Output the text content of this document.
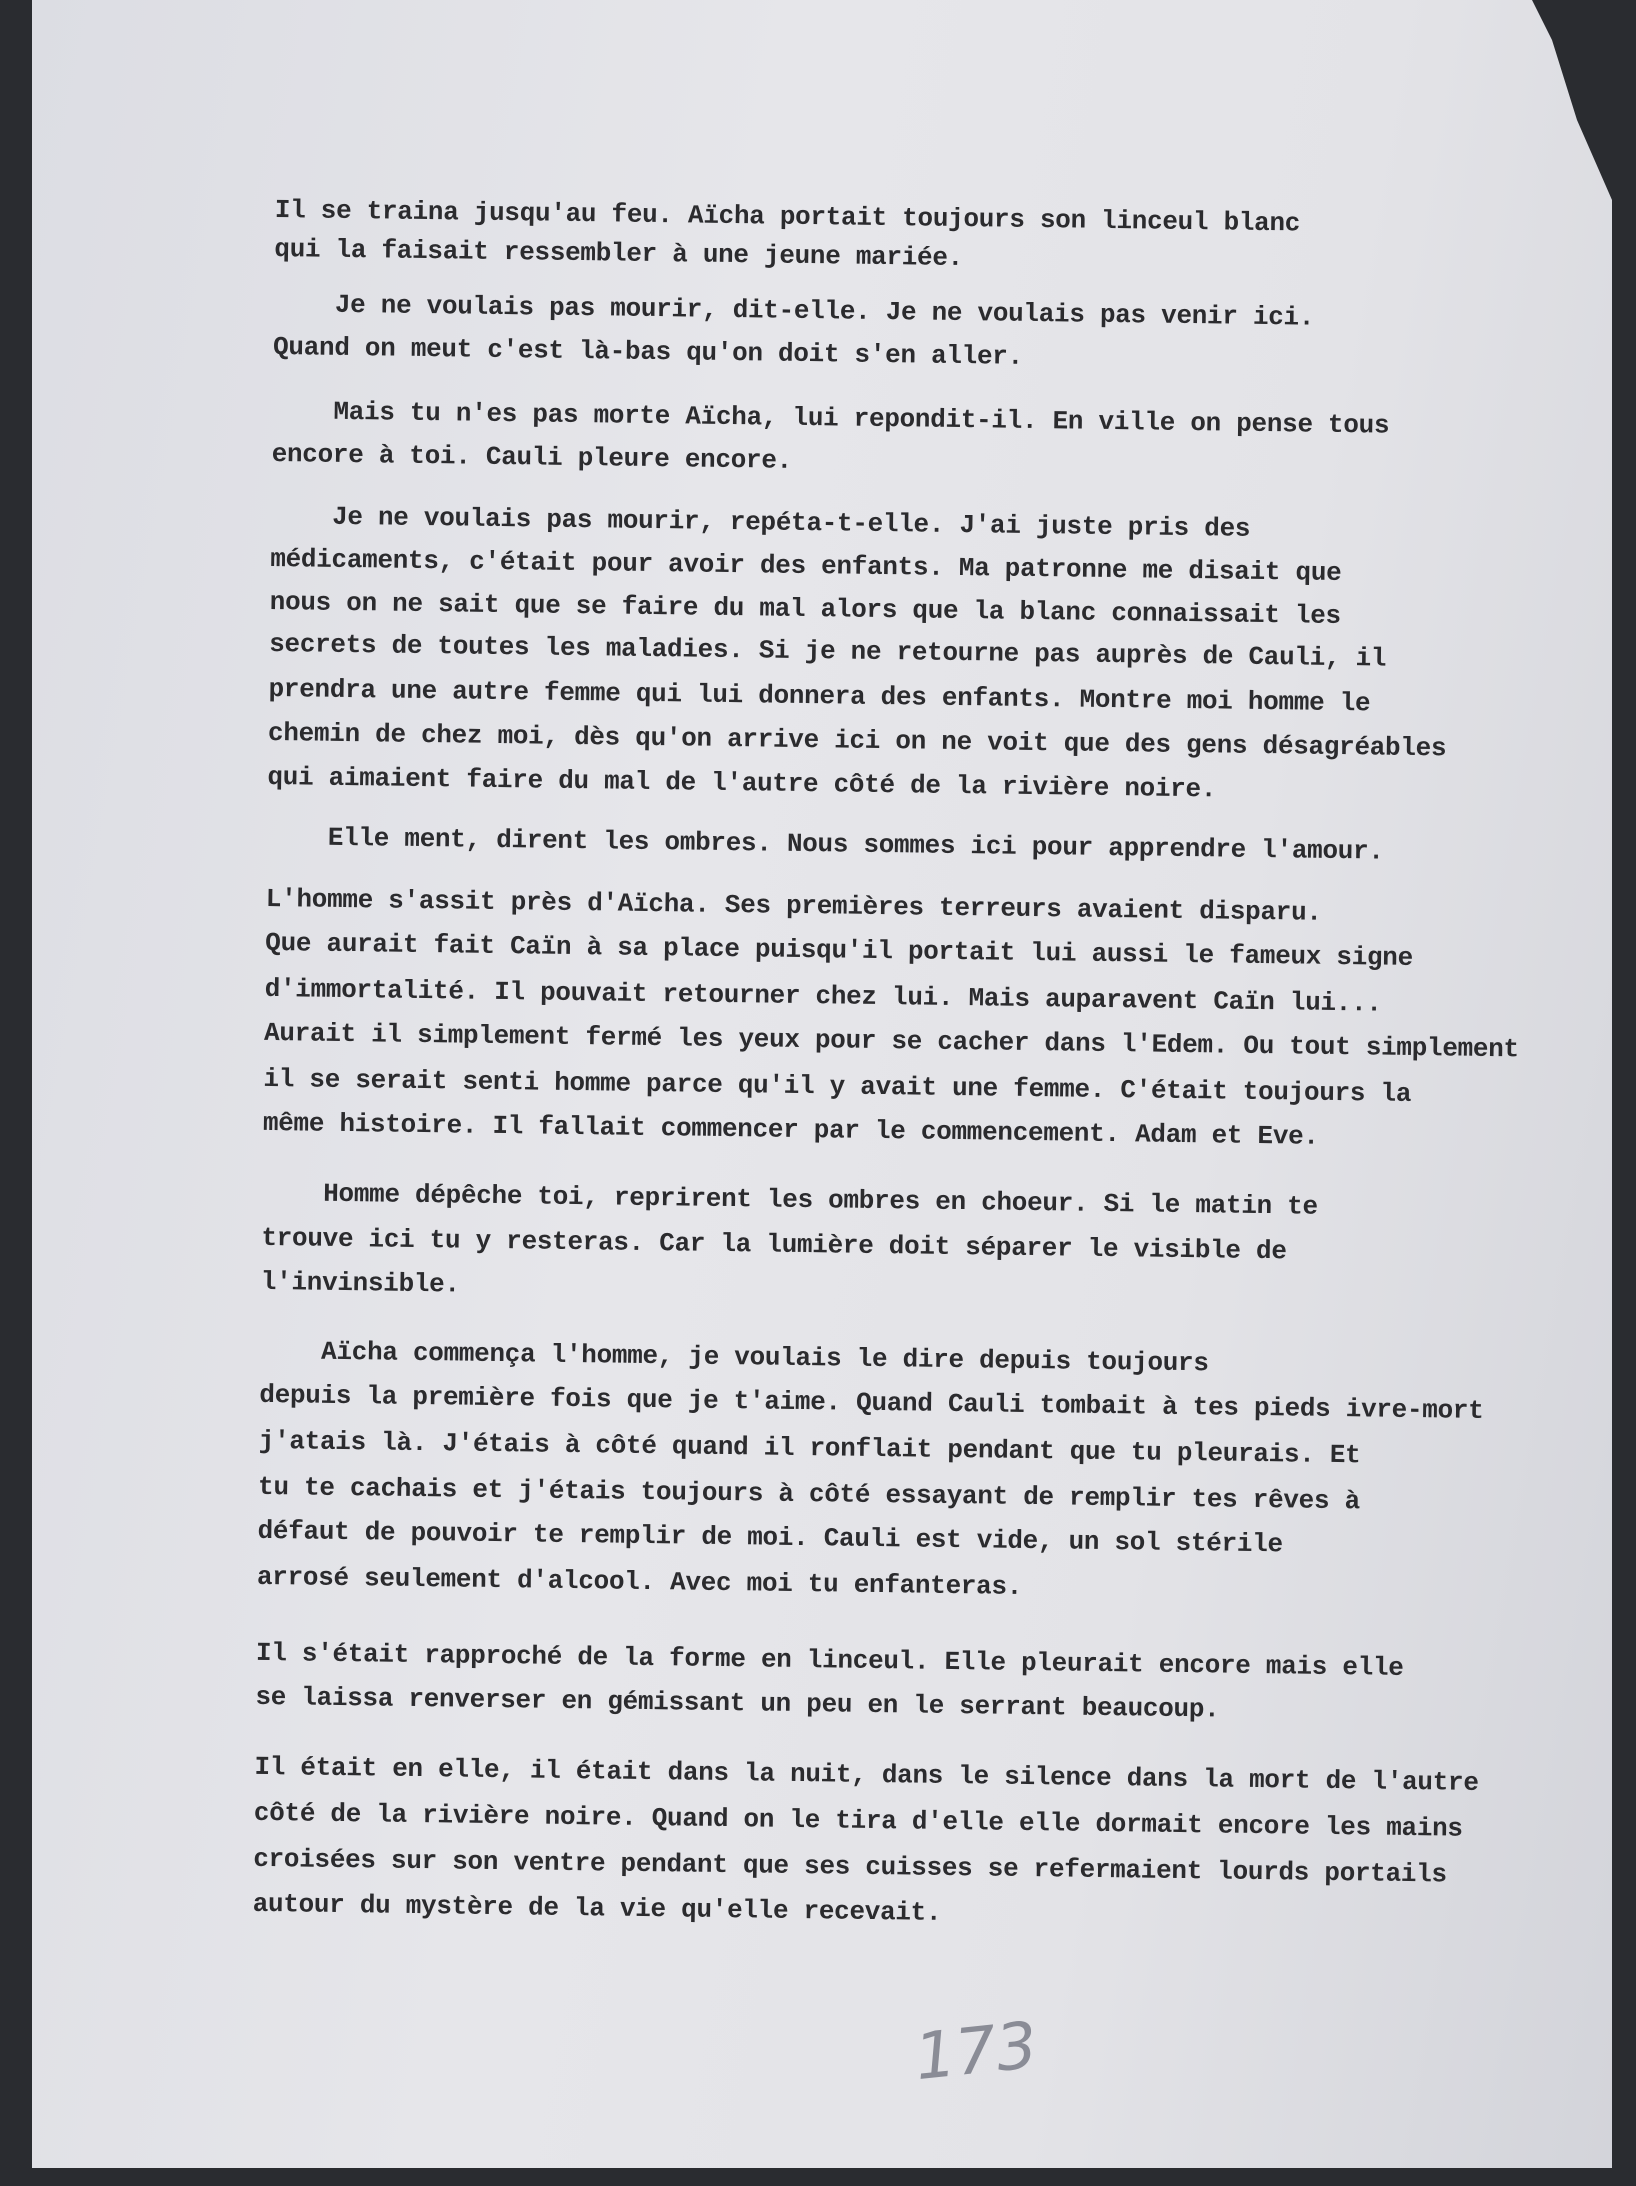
Il se traina jusqu'au feu. Aïcha portait toujours son linceul blanc
qui la faisait ressembler à une jeune mariée.
Je ne voulais pas mourir, dit-elle. Je ne voulais pas venir ici.
Quand on meut c'est là-bas qu'on doit s'en aller.
Mais tu n'es pas morte Aïcha, lui repondit-il. En ville on pense tous
encore à toi. Cauli pleure encore.
Je ne voulais pas mourir, repéta-t-elle. J'ai juste pris des
médicaments, c'était pour avoir des enfants. Ma patronne me disait que
nous on ne sait que se faire du mal alors que la blanc connaissait les
secrets de toutes les maladies. Si je ne retourne pas auprès de Cauli, il
prendra une autre femme qui lui donnera des enfants. Montre moi homme le
chemin de chez moi, dès qu'on arrive ici on ne voit que des gens désagréables
qui aimaient faire du mal de l'autre côté de la rivière noire.
Elle ment, dirent les ombres. Nous sommes ici pour apprendre l'amour.
L'homme s'assit près d'Aïcha. Ses premières terreurs avaient disparu.
Que aurait fait Caïn à sa place puisqu'il portait lui aussi le fameux signe
d'immortalité. Il pouvait retourner chez lui. Mais auparavent Caïn lui...
Aurait il simplement fermé les yeux pour se cacher dans l'Edem. Ou tout simplement
il se serait senti homme parce qu'il y avait une femme. C'était toujours la
même histoire. Il fallait commencer par le commencement. Adam et Eve.
Homme dépêche toi, reprirent les ombres en choeur. Si le matin te
trouve ici tu y resteras. Car la lumière doit séparer le visible de
l'invinsible.
Aïcha commença l'homme, je voulais le dire depuis toujours
depuis la première fois que je t'aime. Quand Cauli tombait à tes pieds ivre-mort
j'atais là. J'étais à côté quand il ronflait pendant que tu pleurais. Et
tu te cachais et j'étais toujours à côté essayant de remplir tes rêves à
défaut de pouvoir te remplir de moi. Cauli est vide, un sol stérile
arrosé seulement d'alcool. Avec moi tu enfanteras.
Il s'était rapproché de la forme en linceul. Elle pleurait encore mais elle
se laissa renverser en gémissant un peu en le serrant beaucoup.
Il était en elle, il était dans la nuit, dans le silence dans la mort de l'autre
côté de la rivière noire. Quand on le tira d'elle elle dormait encore les mains
croisées sur son ventre pendant que ses cuisses se refermaient lourds portails
autour du mystère de la vie qu'elle recevait.
173
